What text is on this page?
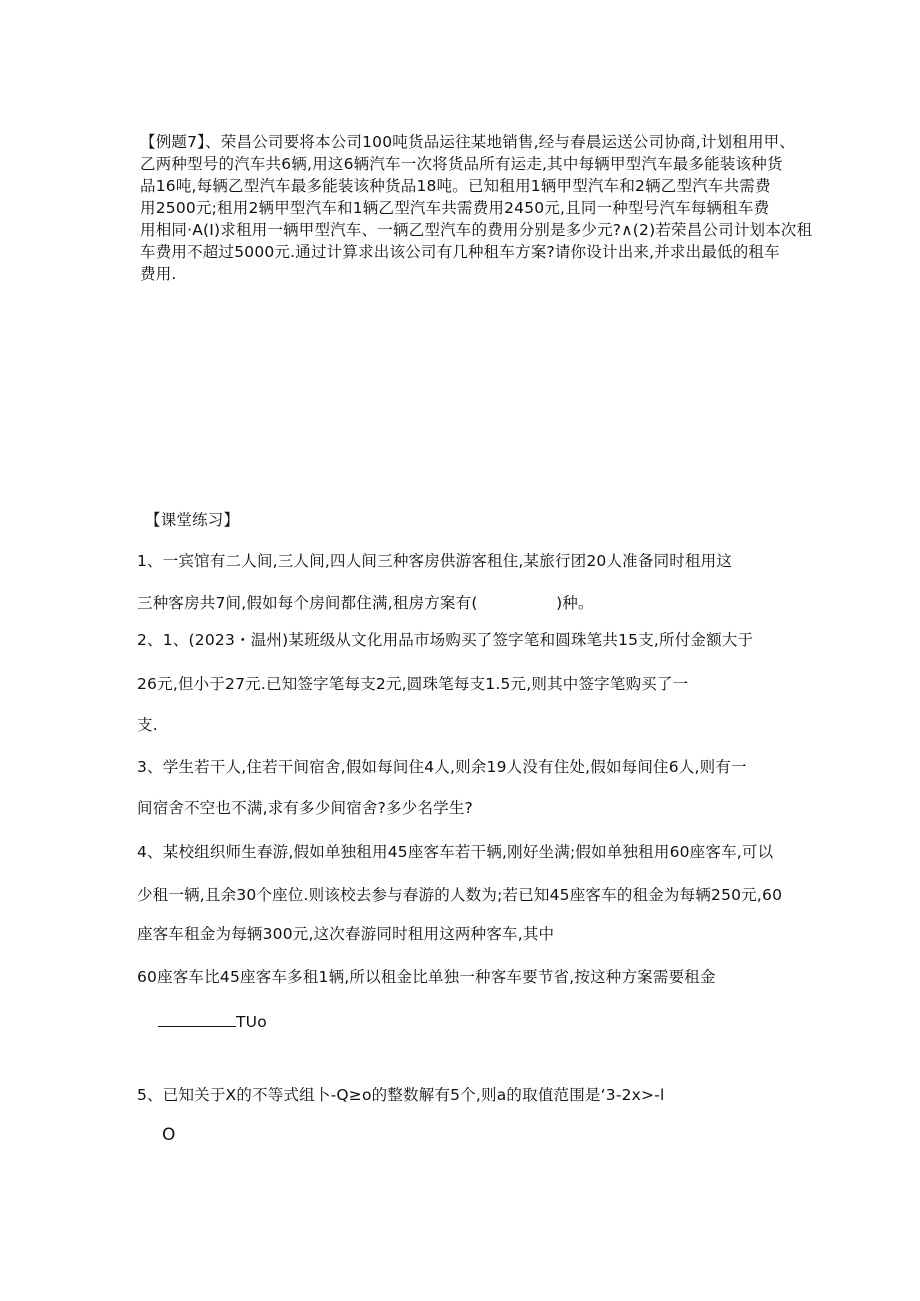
【例题7】、荣昌公司要将本公司100吨货品运往某地销售,经与春晨运送公司协商,计划租用甲、
乙两种型号的汽车共6辆,用这6辆汽车一次将货品所有运走,其中每辆甲型汽车最多能装该种货
品16吨,每辆乙型汽车最多能装该种货品18吨。已知租用1辆甲型汽车和2辆乙型汽车共需费
用2500元;租用2辆甲型汽车和1辆乙型汽车共需费用2450元,且同一种型号汽车每辆租车费
用相同·A(I)求租用一辆甲型汽车、一辆乙型汽车的费用分别是多少元?∧(2)若荣昌公司计划本次租
车费用不超过5000元.通过计算求出该公司有几种租车方案?请你设计出来,并求出最低的租车
费用.
【课堂练习】
1、一宾馆有二人间,三人间,四人间三种客房供游客租住,某旅行团20人准备同时租用这
三种客房共7间,假如每个房间都住满,租房方案有(　　　　　)种。
2、1、(2023・温州)某班级从文化用品市场购买了签字笔和圆珠笔共15支,所付金额大于
26元,但小于27元.已知签字笔每支2元,圆珠笔每支1.5元,则其中签字笔购买了一
支.
3、学生若干人,住若干间宿舍,假如每间住4人,则余19人没有住处,假如每间住6人,则有一
间宿舍不空也不满,求有多少间宿舍?多少名学生?
4、某校组织师生春游,假如单独租用45座客车若干辆,刚好坐满;假如单独租用60座客车,可以
少租一辆,且余30个座位.则该校去参与春游的人数为;若已知45座客车的租金为每辆250元,60
座客车租金为每辆300元,这次春游同时租用这两种客车,其中
60座客车比45座客车多租1辆,所以租金比单独一种客车要节省,按这种方案需要租金
TUo
5、已知关于X的不等式组卜-Q≥o的整数解有5个,则a的取值范围是‘3-2x>-l
O
